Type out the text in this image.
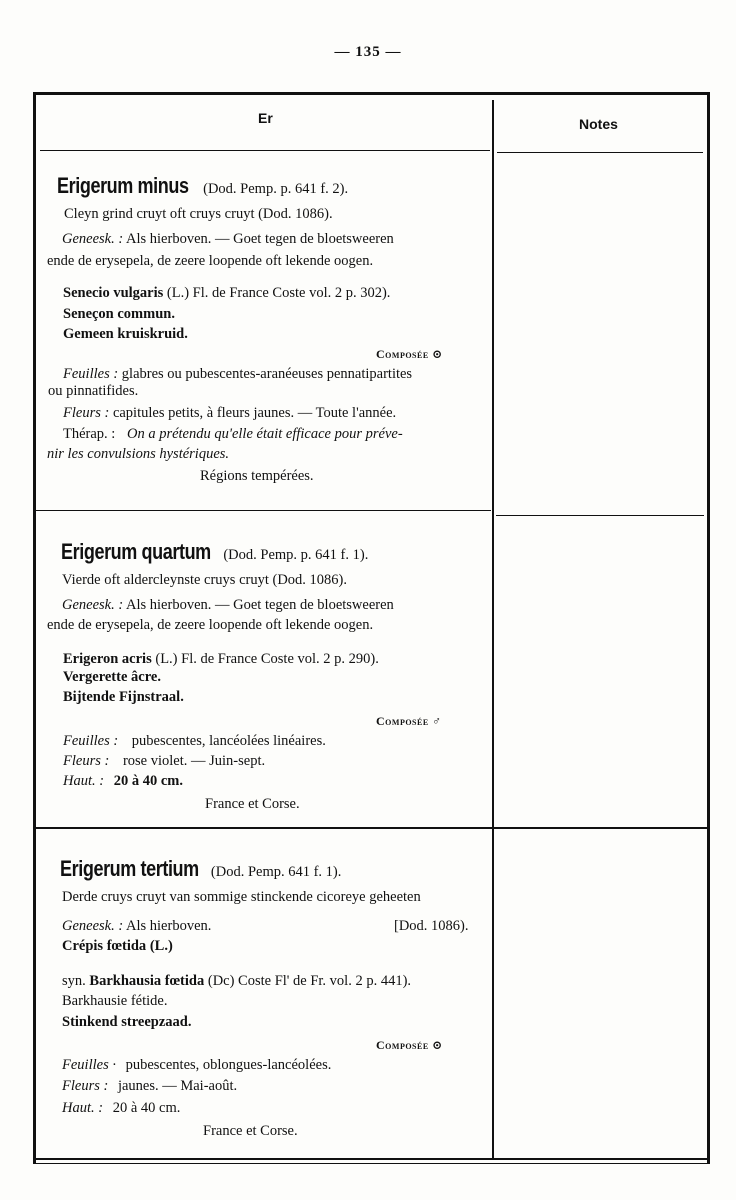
— 135 —
Er	Notes
Erigerum minus (Dod. Pemp. p. 641 f. 2).
Cleyn grind cruyt oft cruys cruyt (Dod. 1086).
Geneesk. : Als hierboven. — Goet tegen de bloetsweeren
ende de erysepela, de zeere loopende oft lekende oogen.
Senecio vulgaris (L.) Fl. de France Coste vol. 2 p. 302).
Seneçon commun.
Gemeen kruiskruid.
Composée ⊙
Feuilles : glabres ou pubescentes-aranéeuses pennatipartites
ou pinnatifides.
Fleurs : capitules petits, à fleurs jaunes. — Toute l'année.
Thérap. : On a prétendu qu'elle était efficace pour préve-
nir les convulsions hystériques.
Régions tempérées.
Erigerum quartum (Dod. Pemp. p. 641 f. 1).
Vierde oft aldercleynste cruys cruyt (Dod. 1086).
Geneesk. : Als hierboven. — Goet tegen de bloetsweeren
ende de erysepela, de zeere loopende oft lekende oogen.
Erigeron acris (L.) Fl. de France Coste vol. 2 p. 290).
Vergerette âcre.
Bijtende Fijnstraal.
Composée ♂
Feuilles : pubescentes, lancéolées linéaires.
Fleurs : rose violet. — Juin-sept.
Haut. : 20 à 40 cm.
France et Corse.
Erigerum tertium (Dod. Pemp. 641 f. 1).
Derde cruys cruyt van sommige stinckende cicoreye geheeten
Geneesk. : Als hierboven.	[Dod. 1086).
Crépis fœtida (L.)
syn. Barkhausia fœtida (Dc) Coste Fl' de Fr. vol. 2 p. 441).
Barkhausie fétide.
Stinkend streepzaad.
Composée ⊙
Feuilles · pubescentes, oblongues-lancéolées.
Fleurs : jaunes. — Mai-août.
Haut. : 20 à 40 cm.
France et Corse.
